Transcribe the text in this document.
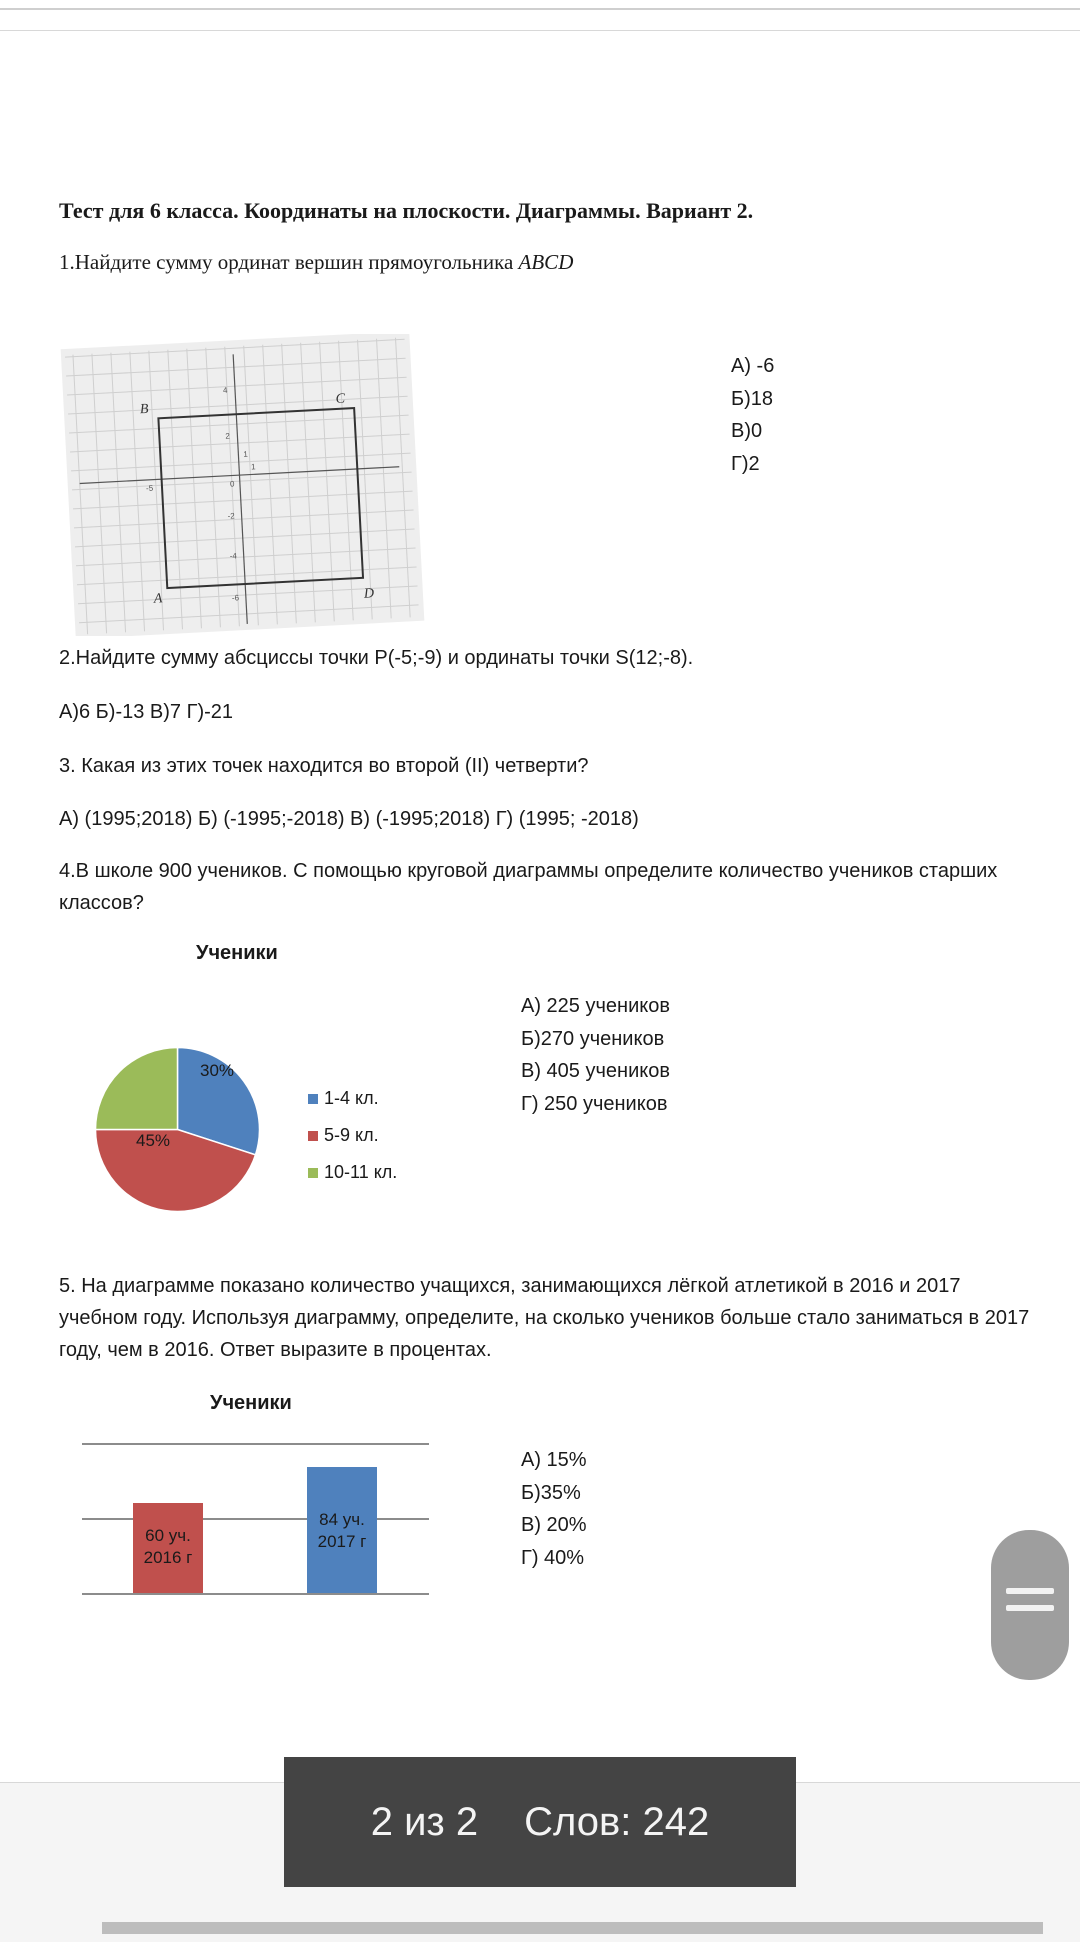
Тест для 6 класса. Координаты на плоскости. Диаграммы. Вариант 2.
1.Найдите сумму ординат вершин прямоугольника ABCD
B
C
A	D
4
2
1
1
-5	0
-2
-4
-6
А) -6
Б)18
В)0
Г)2
2.Найдите сумму абсциссы точки Р(-5;-9) и ординаты точки S(12;-8).
А)6 Б)-13 В)7 Г)-21
3. Какая из этих точек находится во второй (II) четверти?
А) (1995;2018) Б) (-1995;-2018) В) (-1995;2018) Г) (1995; -2018)
4.В школе 900 учеников. С помощью круговой диаграммы определите количество учеников старших классов?
Ученики
30%
45%
1-4 кл.
5-9 кл.
10-11 кл.
А) 225 учеников
Б)270 учеников
В) 405 учеников
Г) 250 учеников
5. На диаграмме показано количество учащихся, занимающихся лёгкой атлетикой в 2016 и 2017 учебном году. Используя диаграмму, определите, на сколько учеников больше стало заниматься в 2017 году, чем в 2016. Ответ выразите в процентах.
Ученики
60 уч.
2016 г
84 уч.
2017 г
А) 15%
Б)35%
В) 20%
Г) 40%
2 из 2 Слов: 242
